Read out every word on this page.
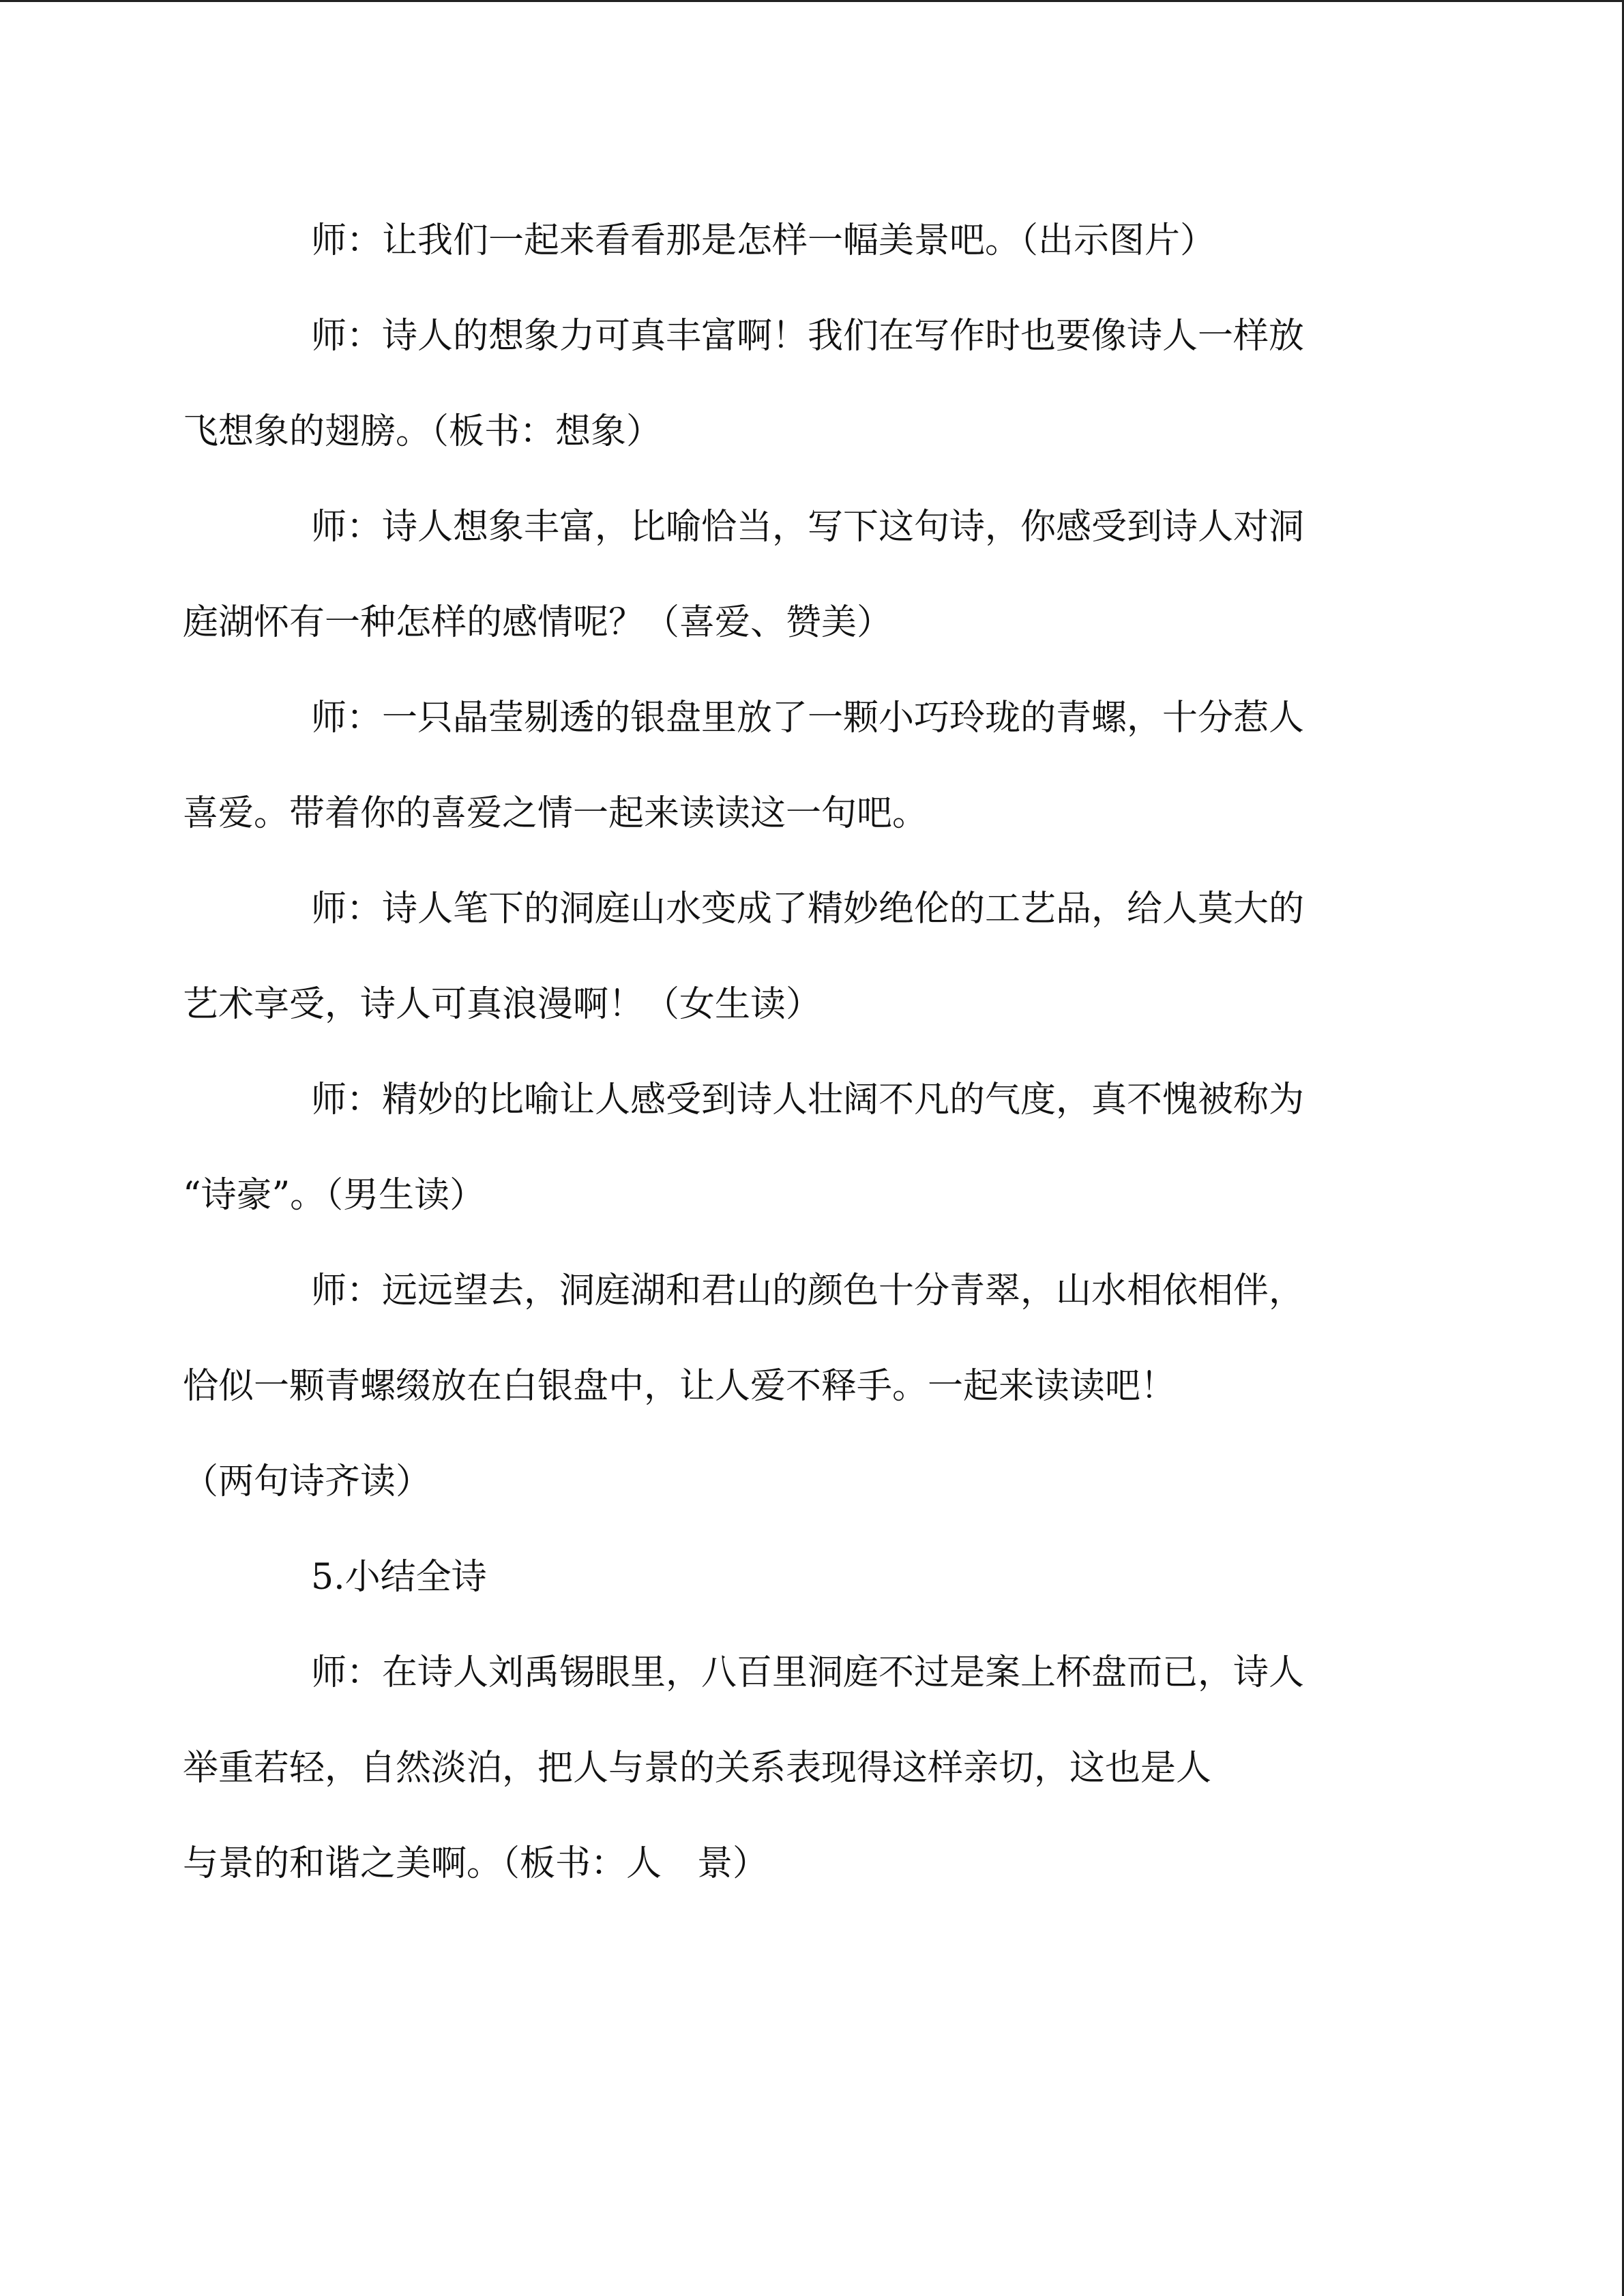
师：让我们一起来看看那是怎样一幅美景吧。（出示图片）

师：诗人的想象力可真丰富啊！我们在写作时也要像诗人一样放
飞想象的翅膀。（板书：想象）

师：诗人想象丰富，比喻恰当，写下这句诗，你感受到诗人对洞
庭湖怀有一种怎样的感情呢？（喜爱、赞美）

师：一只晶莹剔透的银盘里放了一颗小巧玲珑的青螺，十分惹人
喜爱。带着你的喜爱之情一起来读读这一句吧。

师：诗人笔下的洞庭山水变成了精妙绝伦的工艺品，给人莫大的
艺术享受，诗人可真浪漫啊！（女生读）

师：精妙的比喻让人感受到诗人壮阔不凡的气度，真不愧被称为
“诗豪”。（男生读）

师：远远望去，洞庭湖和君山的颜色十分青翠，山水相依相伴，
恰似一颗青螺缀放在白银盘中，让人爱不释手。一起来读读吧！
（两句诗齐读）

5.小结全诗

师：在诗人刘禹锡眼里，八百里洞庭不过是案上杯盘而已，诗人
举重若轻，自然淡泊，把人与景的关系表现得这样亲切，这也是人
与景的和谐之美啊。（板书：人　景）
